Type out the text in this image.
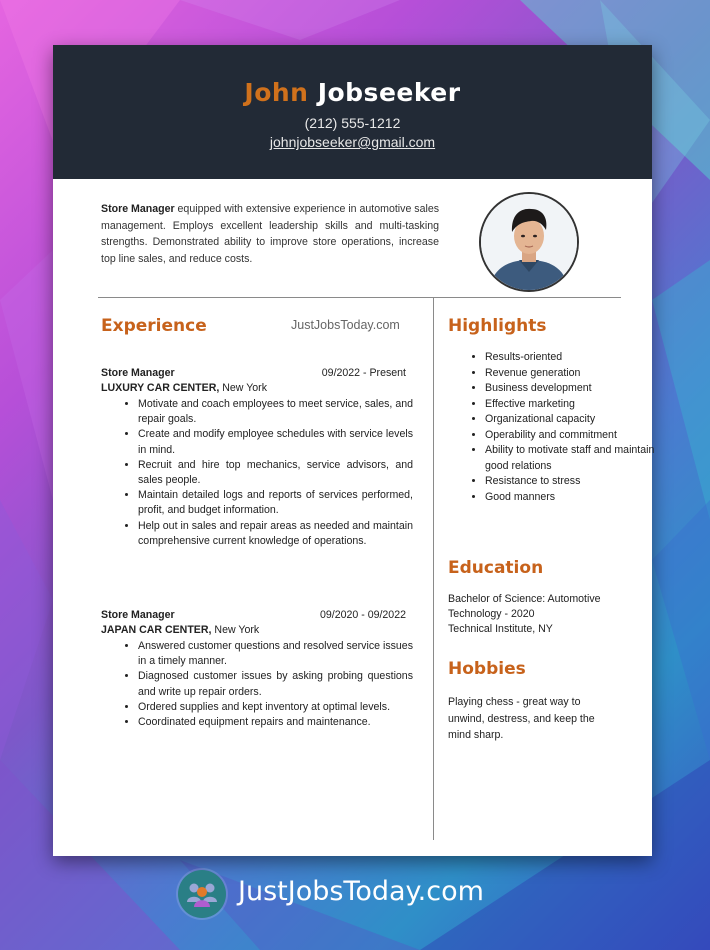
John Jobseeker
(212) 555-1212
johnjobseeker@gmail.com
Store Manager equipped with extensive experience in automotive sales management. Employs excellent leadership skills and multi-tasking strengths. Demonstrated ability to improve store operations, increase top line sales, and reduce costs.
Experience	JustJobsToday.com
Store Manager	09/2022 - Present
LUXURY CAR CENTER, New York
• Motivate and coach employees to meet service, sales, and repair goals.
• Create and modify employee schedules with service levels in mind.
• Recruit and hire top mechanics, service advisors, and sales people.
• Maintain detailed logs and reports of services performed, profit, and budget information.
• Help out in sales and repair areas as needed and maintain comprehensive current knowledge of operations.
Store Manager	09/2020 - 09/2022
JAPAN CAR CENTER, New York
• Answered customer questions and resolved service issues in a timely manner.
• Diagnosed customer issues by asking probing questions and write up repair orders.
• Ordered supplies and kept inventory at optimal levels.
• Coordinated equipment repairs and maintenance.
Highlights
• Results-oriented
• Revenue generation
• Business development
• Effective marketing
• Organizational capacity
• Operability and commitment
• Ability to motivate staff and maintain good relations
• Resistance to stress
• Good manners
Education
Bachelor of Science: Automotive Technology - 2020
Technical Institute, NY
Hobbies
Playing chess - great way to unwind, destress, and keep the mind sharp.
JustJobsToday.com
